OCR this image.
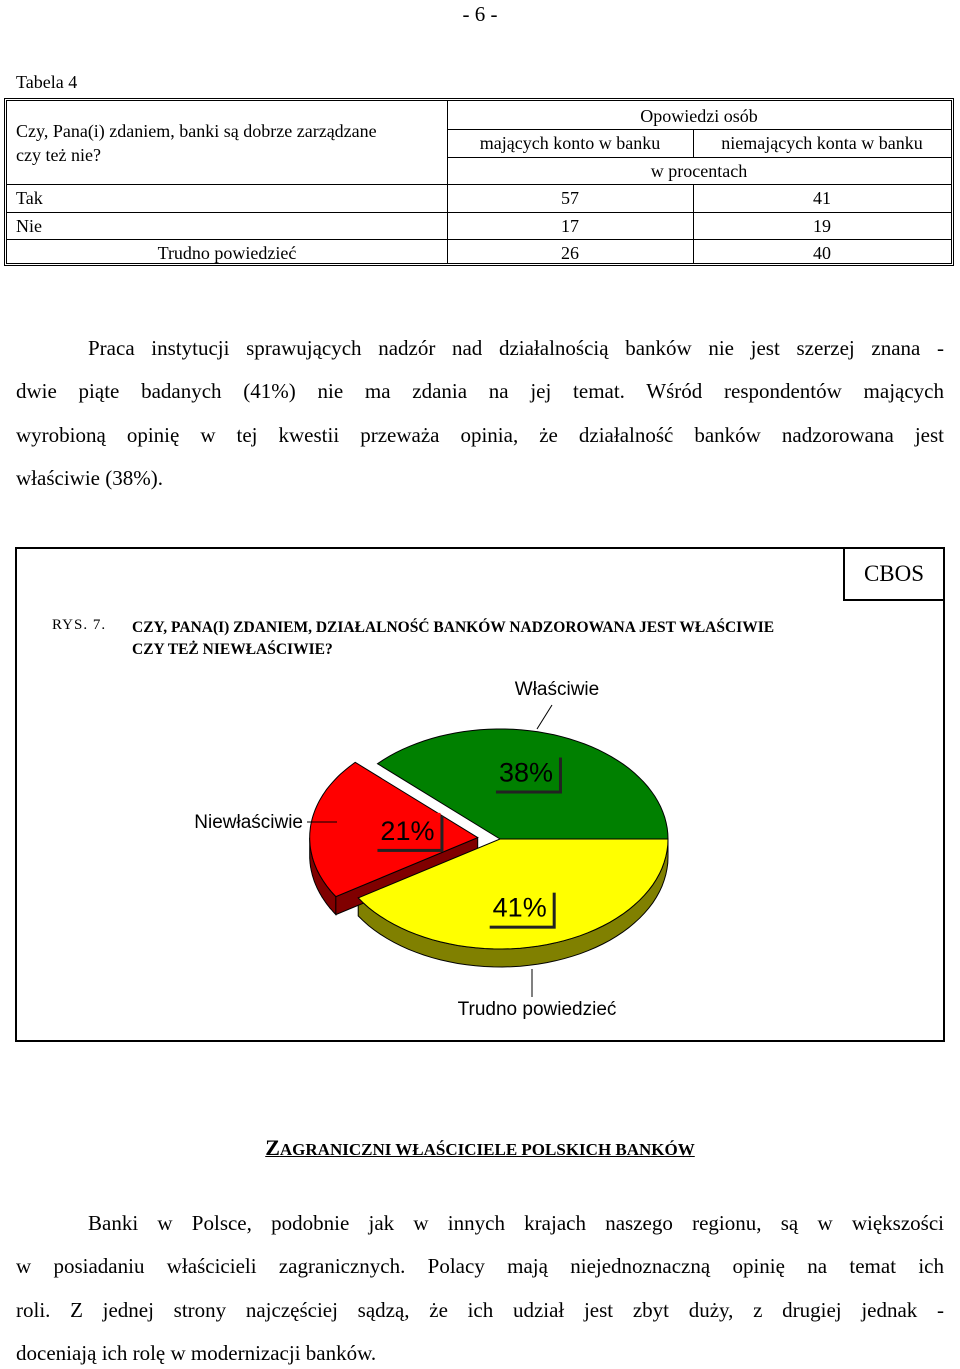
- 6 -
Tabela 4
Czy, Pana(i) zdaniem, banki są dobrze zarządzane
czy też nie?
Opowiedzi osób
mających konto w banku	niemających konta w banku
w procentach
Tak	57	41
Nie	17	19
Trudno powiedzieć	26	40
Praca instytucji sprawujących nadzór nad działalnością banków nie jest szerzej znana -
dwie piąte badanych (41%) nie ma zdania na jej temat. Wśród respondentów mających
wyrobioną opinię w tej kwestii przeważa opinia, że działalność banków nadzorowana jest
właściwie (38%).
CBOS
RYS. 7. CZY, PANA(I) ZDANIEM, DZIAŁALNOŚĆ BANKÓW NADZOROWANA JEST WŁAŚCIWIE
CZY TEŻ NIEWŁAŚCIWIE?
41%
21%
38%
Właściwie
Trudno powiedzieć
Niewłaściwie
ZAGRANICZNI WŁAŚCICIELE POLSKICH BANKÓW
Banki w Polsce, podobnie jak w innych krajach naszego regionu, są w większości
w posiadaniu właścicieli zagranicznych. Polacy mają niejednoznaczną opinię na temat ich
roli. Z jednej strony najczęściej sądzą, że ich udział jest zbyt duży, z drugiej jednak -
doceniają ich rolę w modernizacji banków.
